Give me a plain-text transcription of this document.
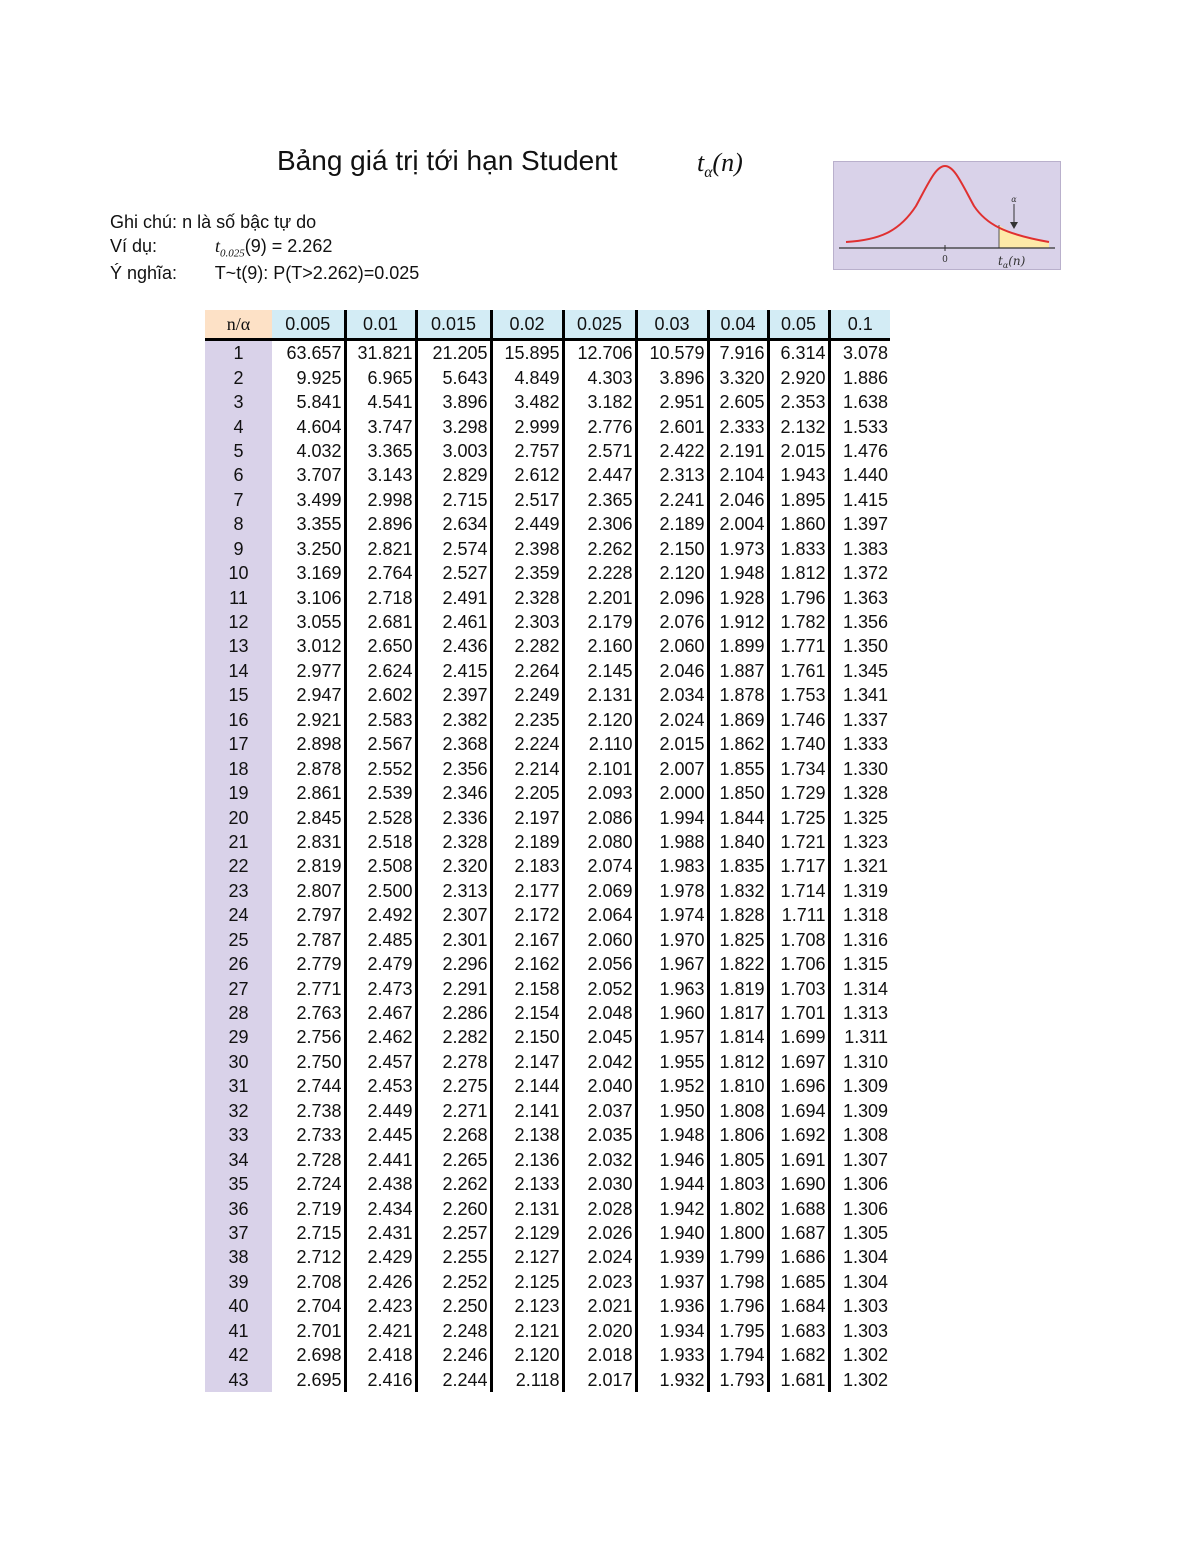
Bảng giá trị tới hạn Student	$t_\alpha(n)$
Ghi chú: n là số bậc tự do
Ví dụ:	$t_{0.025}(9) = 2.262$
Ý nghĩa: T~t(9): P(T>2.262)=0.025
α
0	$t_\alpha(n)$
n/α	0.005	0.01	0.015	0.02	0.025	0.03	0.04	0.05	0.1
1	63.657	31.821	21.205	15.895	12.706	10.579	7.916	6.314	3.078
2	9.925	6.965	5.643	4.849	4.303	3.896	3.320	2.920	1.886
3	5.841	4.541	3.896	3.482	3.182	2.951	2.605	2.353	1.638
4	4.604	3.747	3.298	2.999	2.776	2.601	2.333	2.132	1.533
5	4.032	3.365	3.003	2.757	2.571	2.422	2.191	2.015	1.476
6	3.707	3.143	2.829	2.612	2.447	2.313	2.104	1.943	1.440
7	3.499	2.998	2.715	2.517	2.365	2.241	2.046	1.895	1.415
8	3.355	2.896	2.634	2.449	2.306	2.189	2.004	1.860	1.397
9	3.250	2.821	2.574	2.398	2.262	2.150	1.973	1.833	1.383
10	3.169	2.764	2.527	2.359	2.228	2.120	1.948	1.812	1.372
11	3.106	2.718	2.491	2.328	2.201	2.096	1.928	1.796	1.363
12	3.055	2.681	2.461	2.303	2.179	2.076	1.912	1.782	1.356
13	3.012	2.650	2.436	2.282	2.160	2.060	1.899	1.771	1.350
14	2.977	2.624	2.415	2.264	2.145	2.046	1.887	1.761	1.345
15	2.947	2.602	2.397	2.249	2.131	2.034	1.878	1.753	1.341
16	2.921	2.583	2.382	2.235	2.120	2.024	1.869	1.746	1.337
17	2.898	2.567	2.368	2.224	2.110	2.015	1.862	1.740	1.333
18	2.878	2.552	2.356	2.214	2.101	2.007	1.855	1.734	1.330
19	2.861	2.539	2.346	2.205	2.093	2.000	1.850	1.729	1.328
20	2.845	2.528	2.336	2.197	2.086	1.994	1.844	1.725	1.325
21	2.831	2.518	2.328	2.189	2.080	1.988	1.840	1.721	1.323
22	2.819	2.508	2.320	2.183	2.074	1.983	1.835	1.717	1.321
23	2.807	2.500	2.313	2.177	2.069	1.978	1.832	1.714	1.319
24	2.797	2.492	2.307	2.172	2.064	1.974	1.828	1.711	1.318
25	2.787	2.485	2.301	2.167	2.060	1.970	1.825	1.708	1.316
26	2.779	2.479	2.296	2.162	2.056	1.967	1.822	1.706	1.315
27	2.771	2.473	2.291	2.158	2.052	1.963	1.819	1.703	1.314
28	2.763	2.467	2.286	2.154	2.048	1.960	1.817	1.701	1.313
29	2.756	2.462	2.282	2.150	2.045	1.957	1.814	1.699	1.311
30	2.750	2.457	2.278	2.147	2.042	1.955	1.812	1.697	1.310
31	2.744	2.453	2.275	2.144	2.040	1.952	1.810	1.696	1.309
32	2.738	2.449	2.271	2.141	2.037	1.950	1.808	1.694	1.309
33	2.733	2.445	2.268	2.138	2.035	1.948	1.806	1.692	1.308
34	2.728	2.441	2.265	2.136	2.032	1.946	1.805	1.691	1.307
35	2.724	2.438	2.262	2.133	2.030	1.944	1.803	1.690	1.306
36	2.719	2.434	2.260	2.131	2.028	1.942	1.802	1.688	1.306
37	2.715	2.431	2.257	2.129	2.026	1.940	1.800	1.687	1.305
38	2.712	2.429	2.255	2.127	2.024	1.939	1.799	1.686	1.304
39	2.708	2.426	2.252	2.125	2.023	1.937	1.798	1.685	1.304
40	2.704	2.423	2.250	2.123	2.021	1.936	1.796	1.684	1.303
41	2.701	2.421	2.248	2.121	2.020	1.934	1.795	1.683	1.303
42	2.698	2.418	2.246	2.120	2.018	1.933	1.794	1.682	1.302
43	2.695	2.416	2.244	2.118	2.017	1.932	1.793	1.681	1.302
